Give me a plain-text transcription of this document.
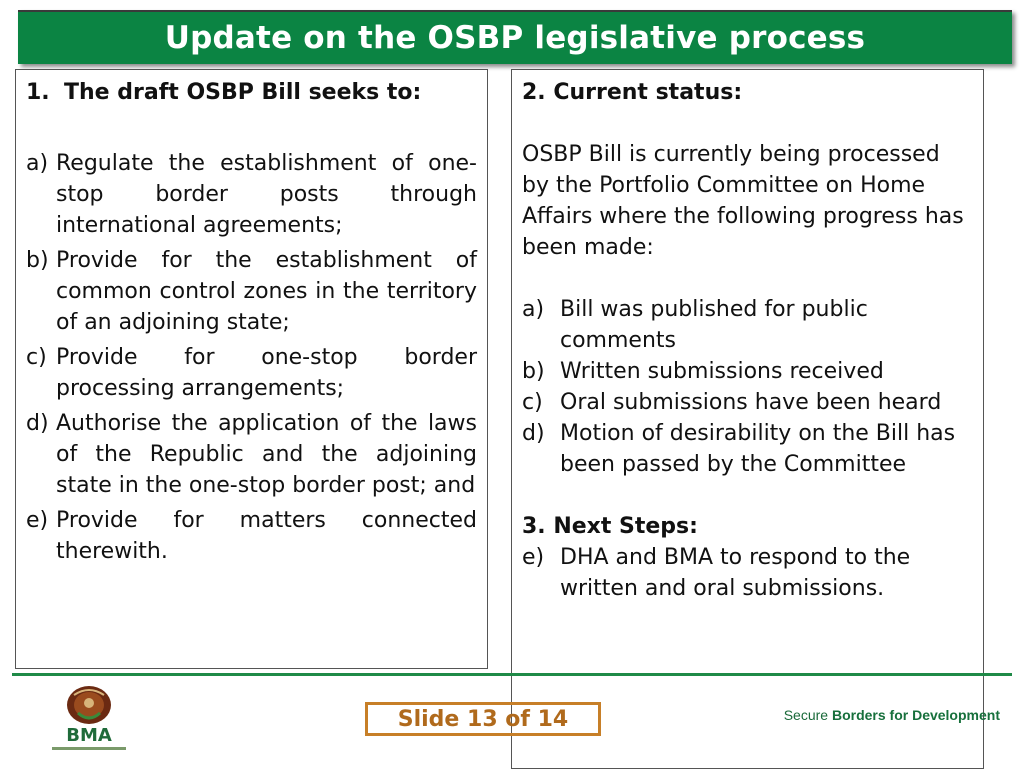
Update on the OSBP legislative process
1. The draft OSBP Bill seeks to:
a) Regulate the establishment of one-stop border posts through international agreements;
b) Provide for the establishment of common control zones in the territory of an adjoining state;
c) Provide for one-stop border processing arrangements;
d) Authorise the application of the laws of the Republic and the adjoining state in the one-stop border post; and
e) Provide for matters connected therewith.

2. Current status:

OSBP Bill is currently being processed by the Portfolio Committee on Home Affairs where the following progress has been made:

a) Bill was published for public comments
b) Written submissions received
c) Oral submissions have been heard
d) Motion of desirability on the Bill has been passed by the Committee
3. Next Steps:
e) DHA and BMA to respond to the written and oral submissions.
BMA
Slide 13 of 14	Secure Borders for Development
